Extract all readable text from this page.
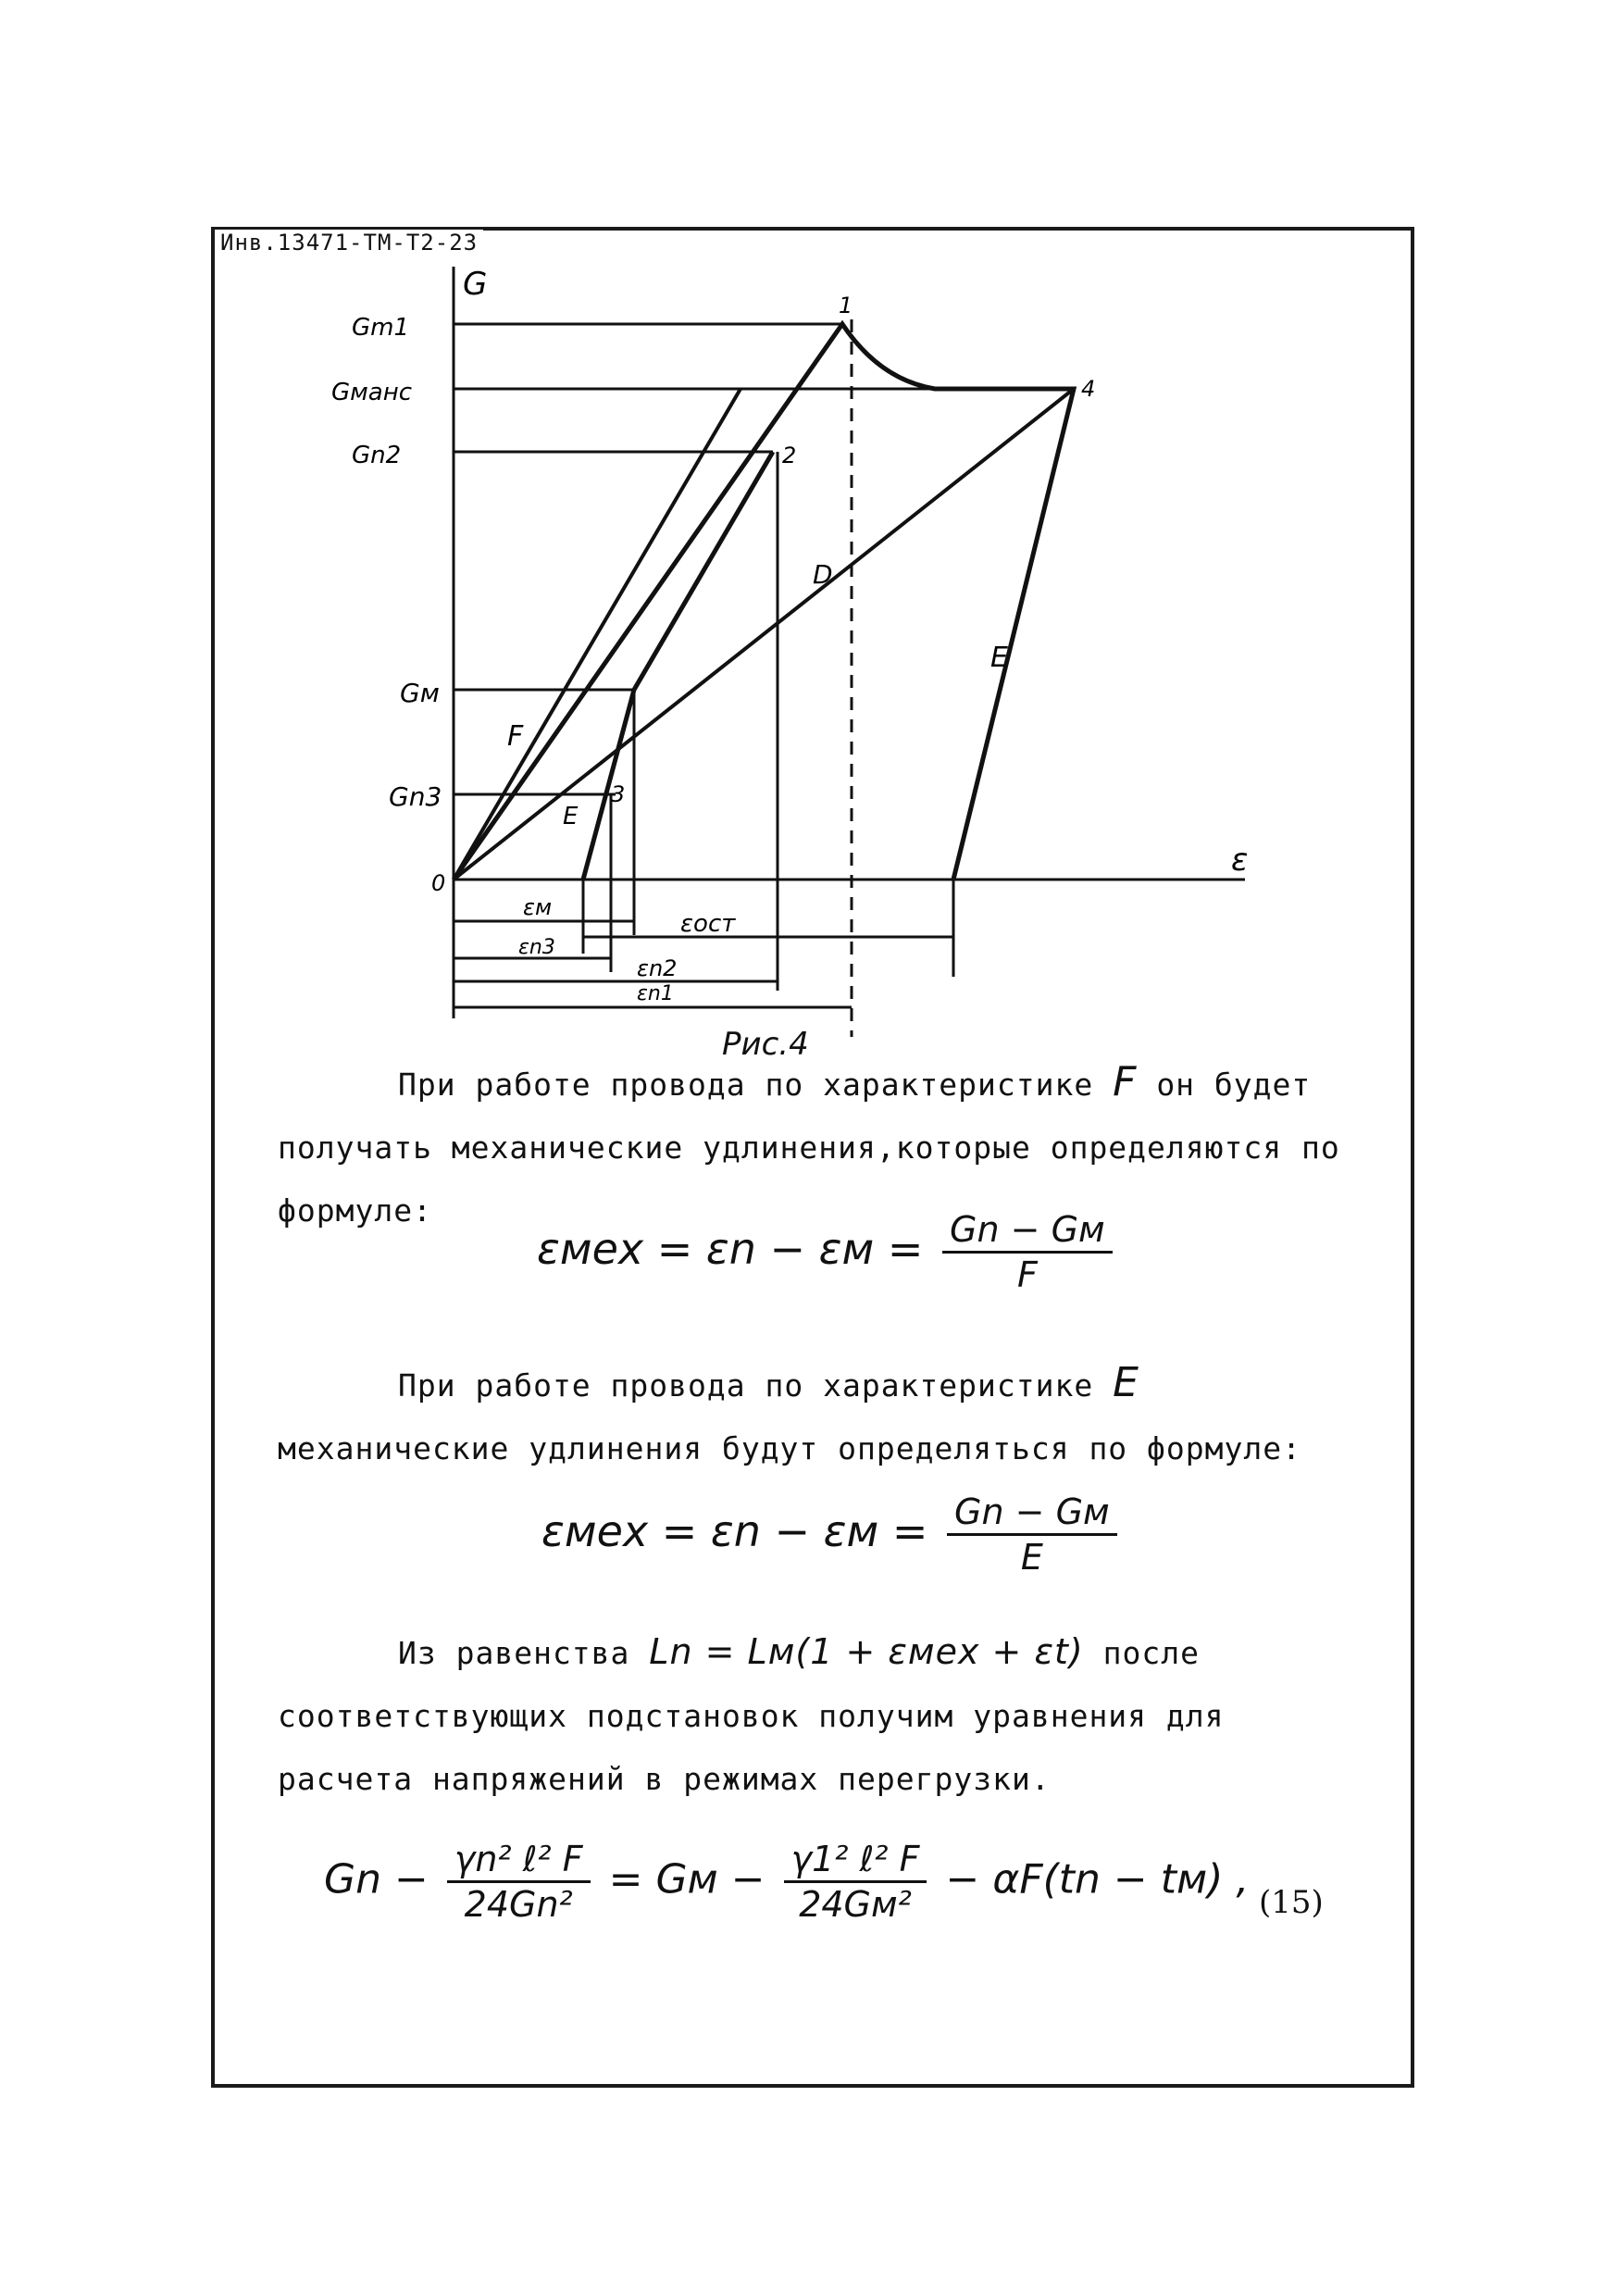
Инв.13471-ТМ-Т2-23
G
ε
0
Gm1
Gманс
Gn2
Gм
Gn3
1
2
3
4
F
E
D
E
εм
εn3
εост
εn2
εn1
Рис.4
При работе провода по характеристике F он будет получать механические удлинения,которые определяются по формуле:
$\varepsilon мех = \varepsilon n - \varepsilon м = \frac{Gn - Gм}{F}$
При работе провода по характеристике E механические удлинения будут определяться по формуле:
$\varepsilon мех = \varepsilon n - \varepsilon м = \frac{Gn - Gм}{E}$
Из равенства Ln = Lм(1 + εмех + εt) после соответствующих подстановок получим уравнения для расчета напряжений в режимах перегрузки.
$Gn - \frac{\text{γn² ℓ² F}}{\text{24Gn²}}$ = Gм − $\frac{\text{γ1² ℓ² F}}{\text{24Gм²}} - \alpha F(tn - tм)$ , (15)
